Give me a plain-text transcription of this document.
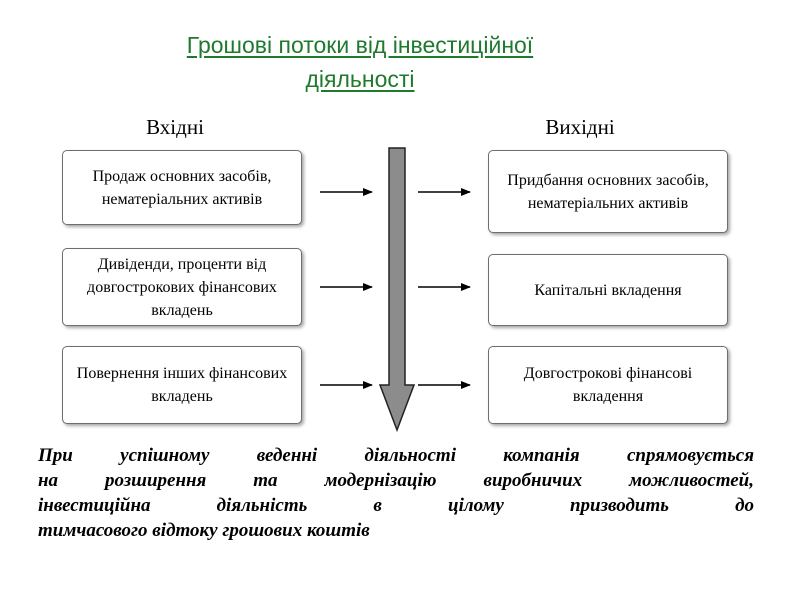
Грошові потоки від інвестиційної
діяльності
Вхідні	Вихідні
Продаж основних засобів, нематеріальних активів
Дивіденди, проценти від довгострокових фінансових вкладень
Повернення інших фінансових вкладень
Придбання основних засобів, нематеріальних активів
Капітальні вкладення
Довгострокові фінансові вкладення
При успішному веденні діяльності компанія спрямовується
на розширення та модернізацію виробничих можливостей,
інвестиційна діяльність в цілому призводить до
тимчасового відтоку грошових коштів
